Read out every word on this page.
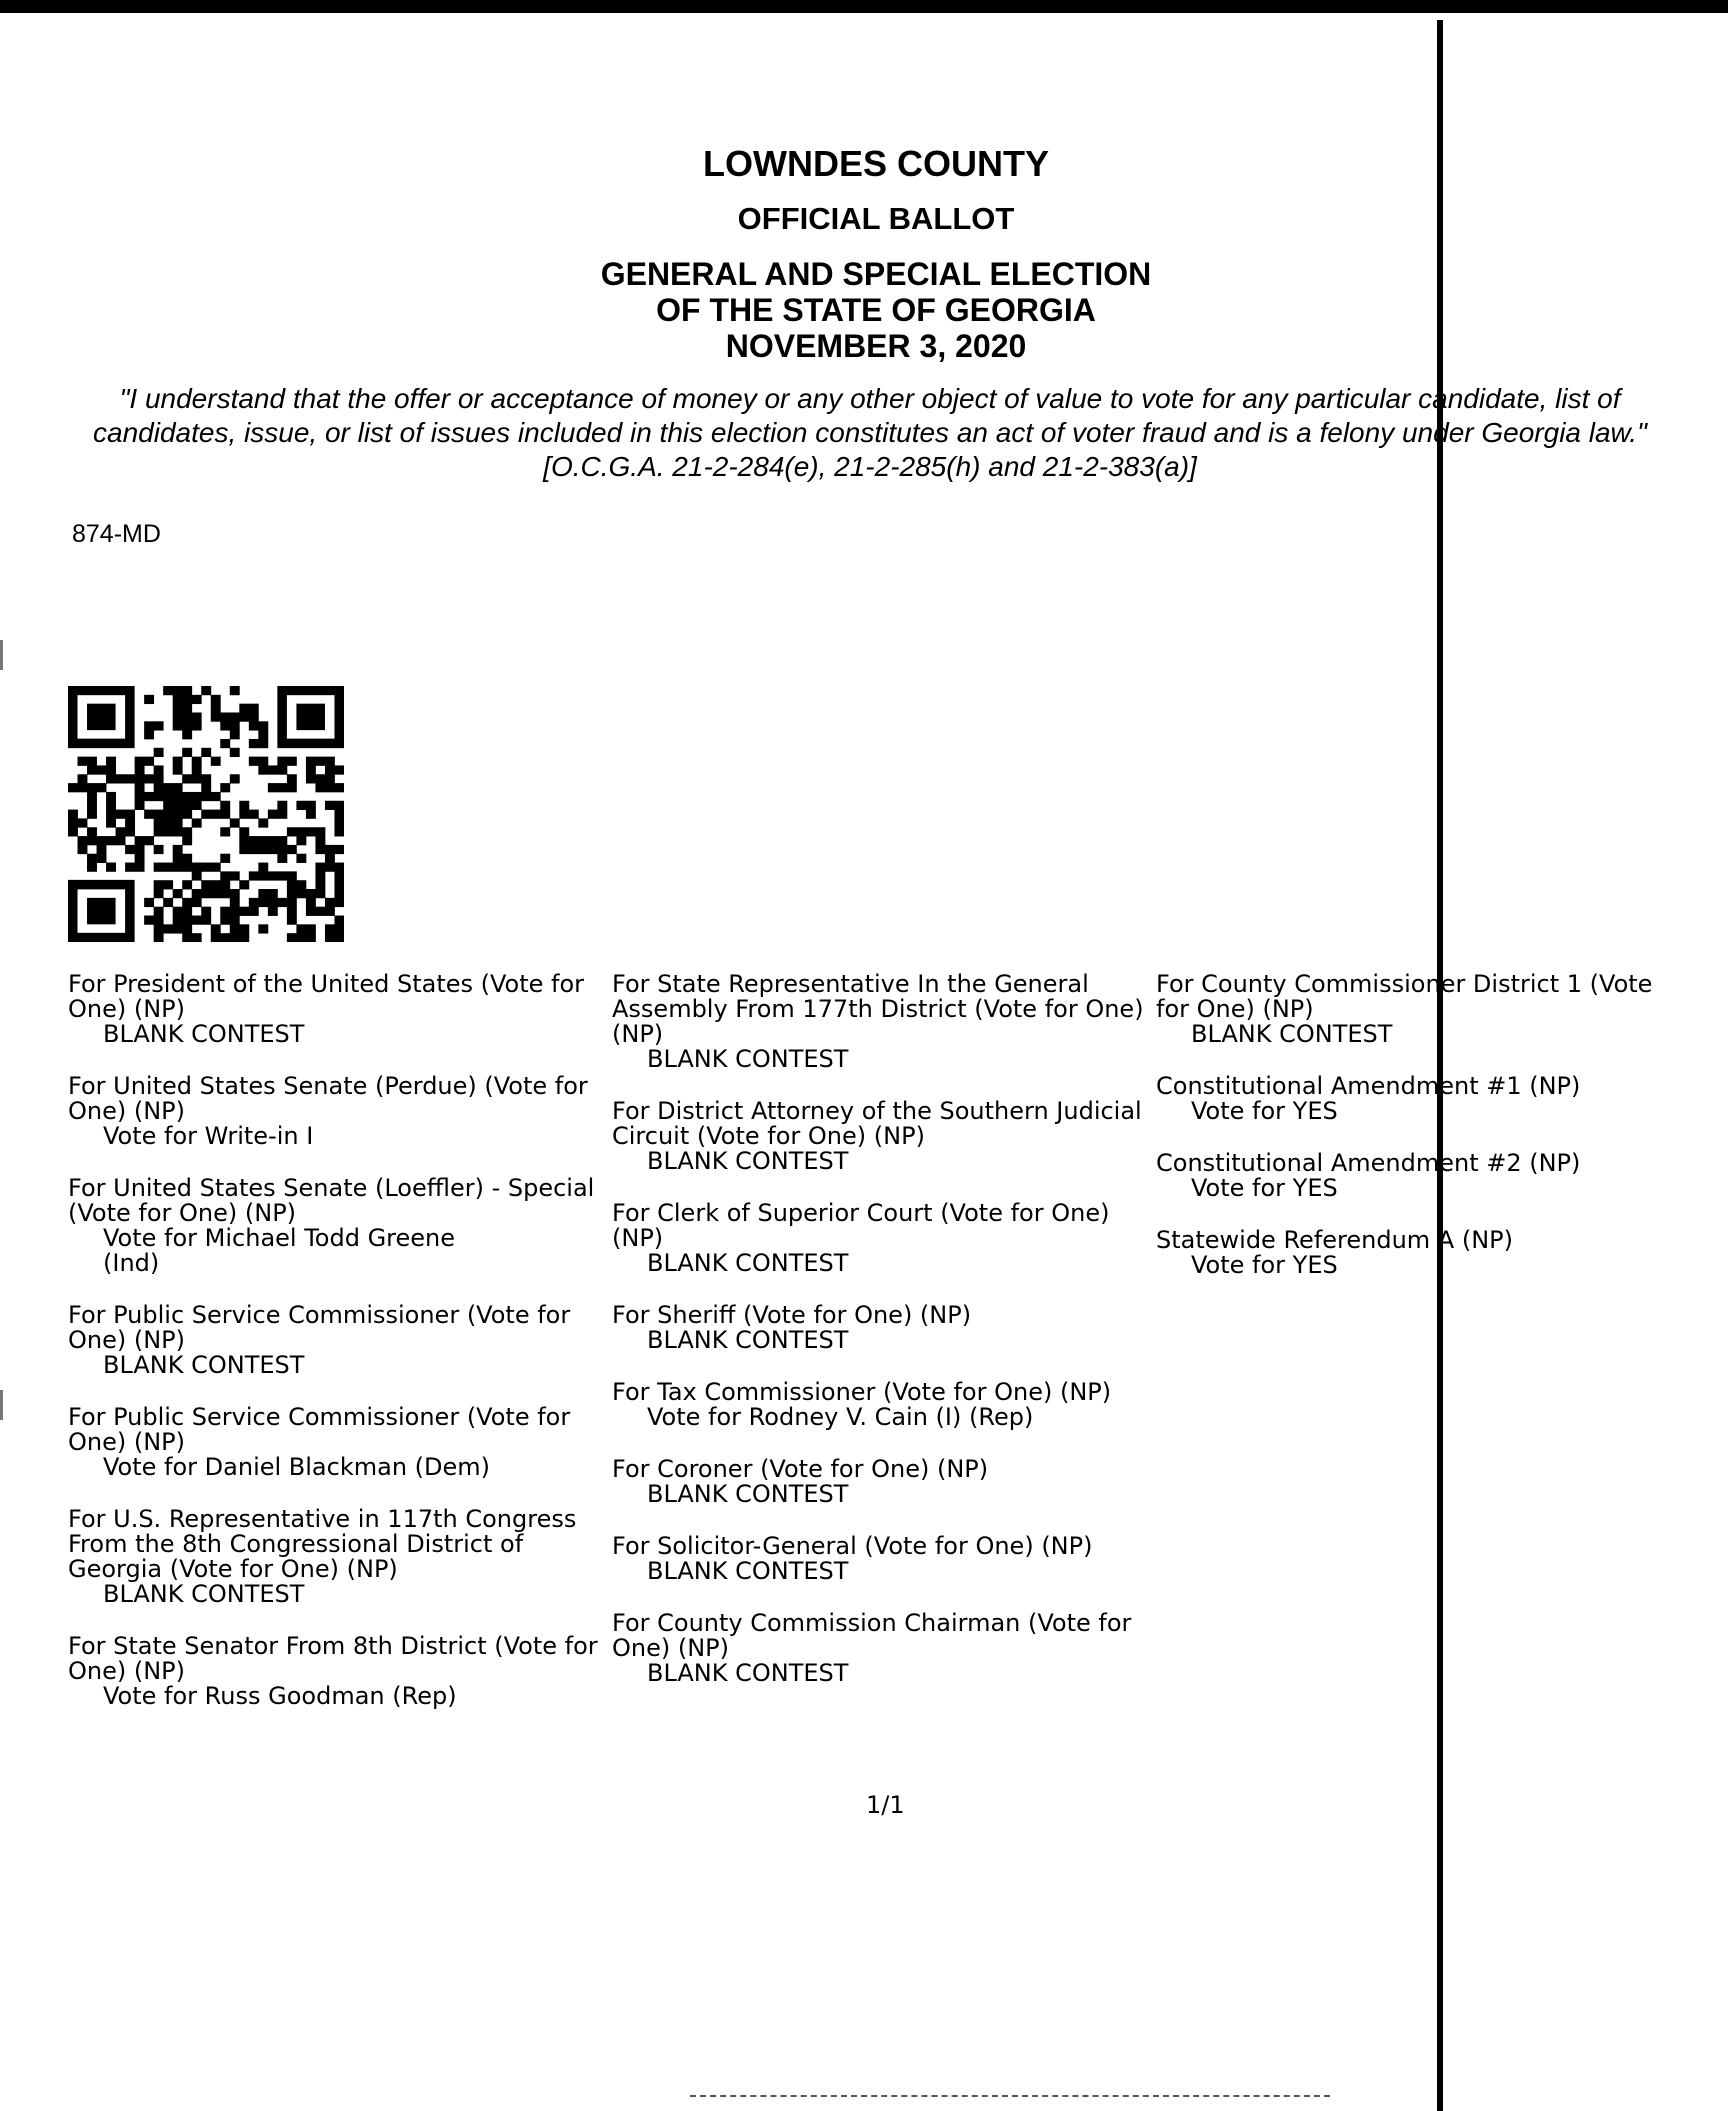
LOWNDES COUNTY
OFFICIAL BALLOT
GENERAL AND SPECIAL ELECTION
OF THE STATE OF GEORGIA
NOVEMBER 3, 2020
"I understand that the offer or acceptance of money or any other object of value to vote for any particular candidate, list of candidates, issue, or list of issues included in this election constitutes an act of voter fraud and is a felony under Georgia law." [O.C.G.A. 21-2-284(e), 21-2-285(h) and 21-2-383(a)]
874-MD
For President of the United States (Vote for One) (NP)
BLANK CONTEST
For United States Senate (Perdue) (Vote for One) (NP)
Vote for Write-in I
For United States Senate (Loeffler) - Special (Vote for One) (NP)
Vote for Michael Todd Greene
(Ind)
For Public Service Commissioner (Vote for One) (NP)
BLANK CONTEST
For Public Service Commissioner (Vote for One) (NP)
Vote for Daniel Blackman (Dem)
For U.S. Representative in 117th Congress From the 8th Congressional District of Georgia (Vote for One) (NP)
BLANK CONTEST
For State Senator From 8th District (Vote for One) (NP)
Vote for Russ Goodman (Rep)
For State Representative In the General Assembly From 177th District (Vote for One) (NP)
BLANK CONTEST
For District Attorney of the Southern Judicial Circuit (Vote for One) (NP)
BLANK CONTEST
For Clerk of Superior Court (Vote for One) (NP)
BLANK CONTEST
For Sheriff (Vote for One) (NP)
BLANK CONTEST
For Tax Commissioner (Vote for One) (NP)
Vote for Rodney V. Cain (I) (Rep)
For Coroner (Vote for One) (NP)
BLANK CONTEST
For Solicitor-General (Vote for One) (NP)
BLANK CONTEST
For County Commission Chairman (Vote for One) (NP)
BLANK CONTEST
For County Commissioner District 1 (Vote
for One) (NP)
BLANK CONTEST
Constitutional Amendment #1 (NP)
Vote for YES
Constitutional Amendment #2 (NP)
Vote for YES
Statewide Referendum A (NP)
Vote for YES
1/1
